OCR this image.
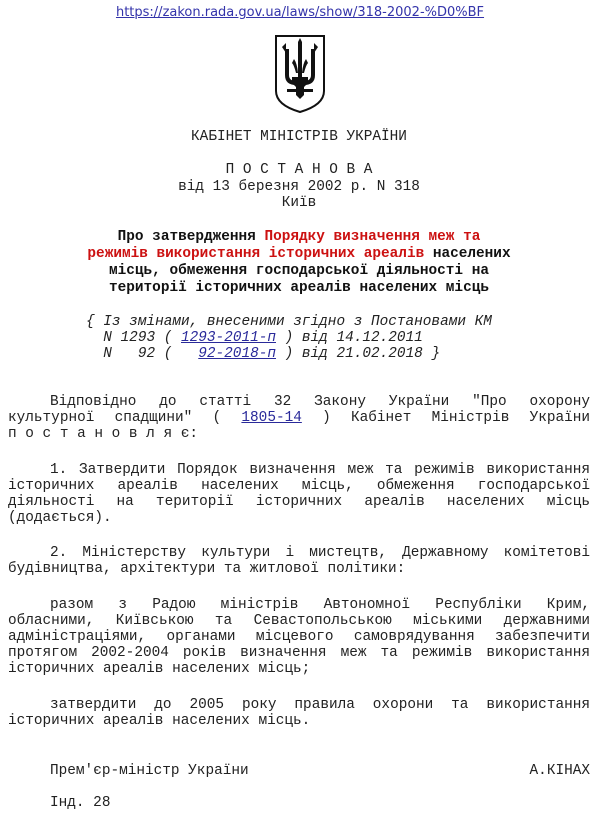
https://zakon.rada.gov.ua/laws/show/318-2002-%D0%BF
КАБІНЕТ МІНІСТРІВ УКРАЇНИ
П О С Т А Н О В А
від 13 березня 2002 р. N 318
Київ
Про затвердження Порядку визначення меж та
режимів використання історичних ареалів населених
місць, обмеження господарської діяльності на
території історичних ареалів населених місць
{ Із змінами, внесеними згідно з Постановами КМ
N 1293 ( 1293-2011-п ) від 14.12.2011
N   92 (   92-2018-п ) від 21.02.2018 }
Відповідно до статті 32 Закону України "Про охорону
культурної спадщини" ( 1805-14 ) Кабінет Міністрів України
п о с т а н о в л я є:
1. Затвердити Порядок визначення меж та режимів використання
історичних ареалів населених місць, обмеження господарської
діяльності на території історичних ареалів населених місць
(додається).
2. Міністерству культури і мистецтв, Державному комітетові
будівництва, архітектури та житлової політики:
разом з Радою міністрів Автономної Республіки Крим,
обласними, Київською та Севастопольською міськими державними
адміністраціями, органами місцевого самоврядування забезпечити
протягом 2002-2004 років визначення меж та режимів використання
історичних ареалів населених місць;
затвердити до 2005 року правила охорони та використання
історичних ареалів населених місць.
Прем'єр-міністр України	А.КІНАХ
Інд. 28
